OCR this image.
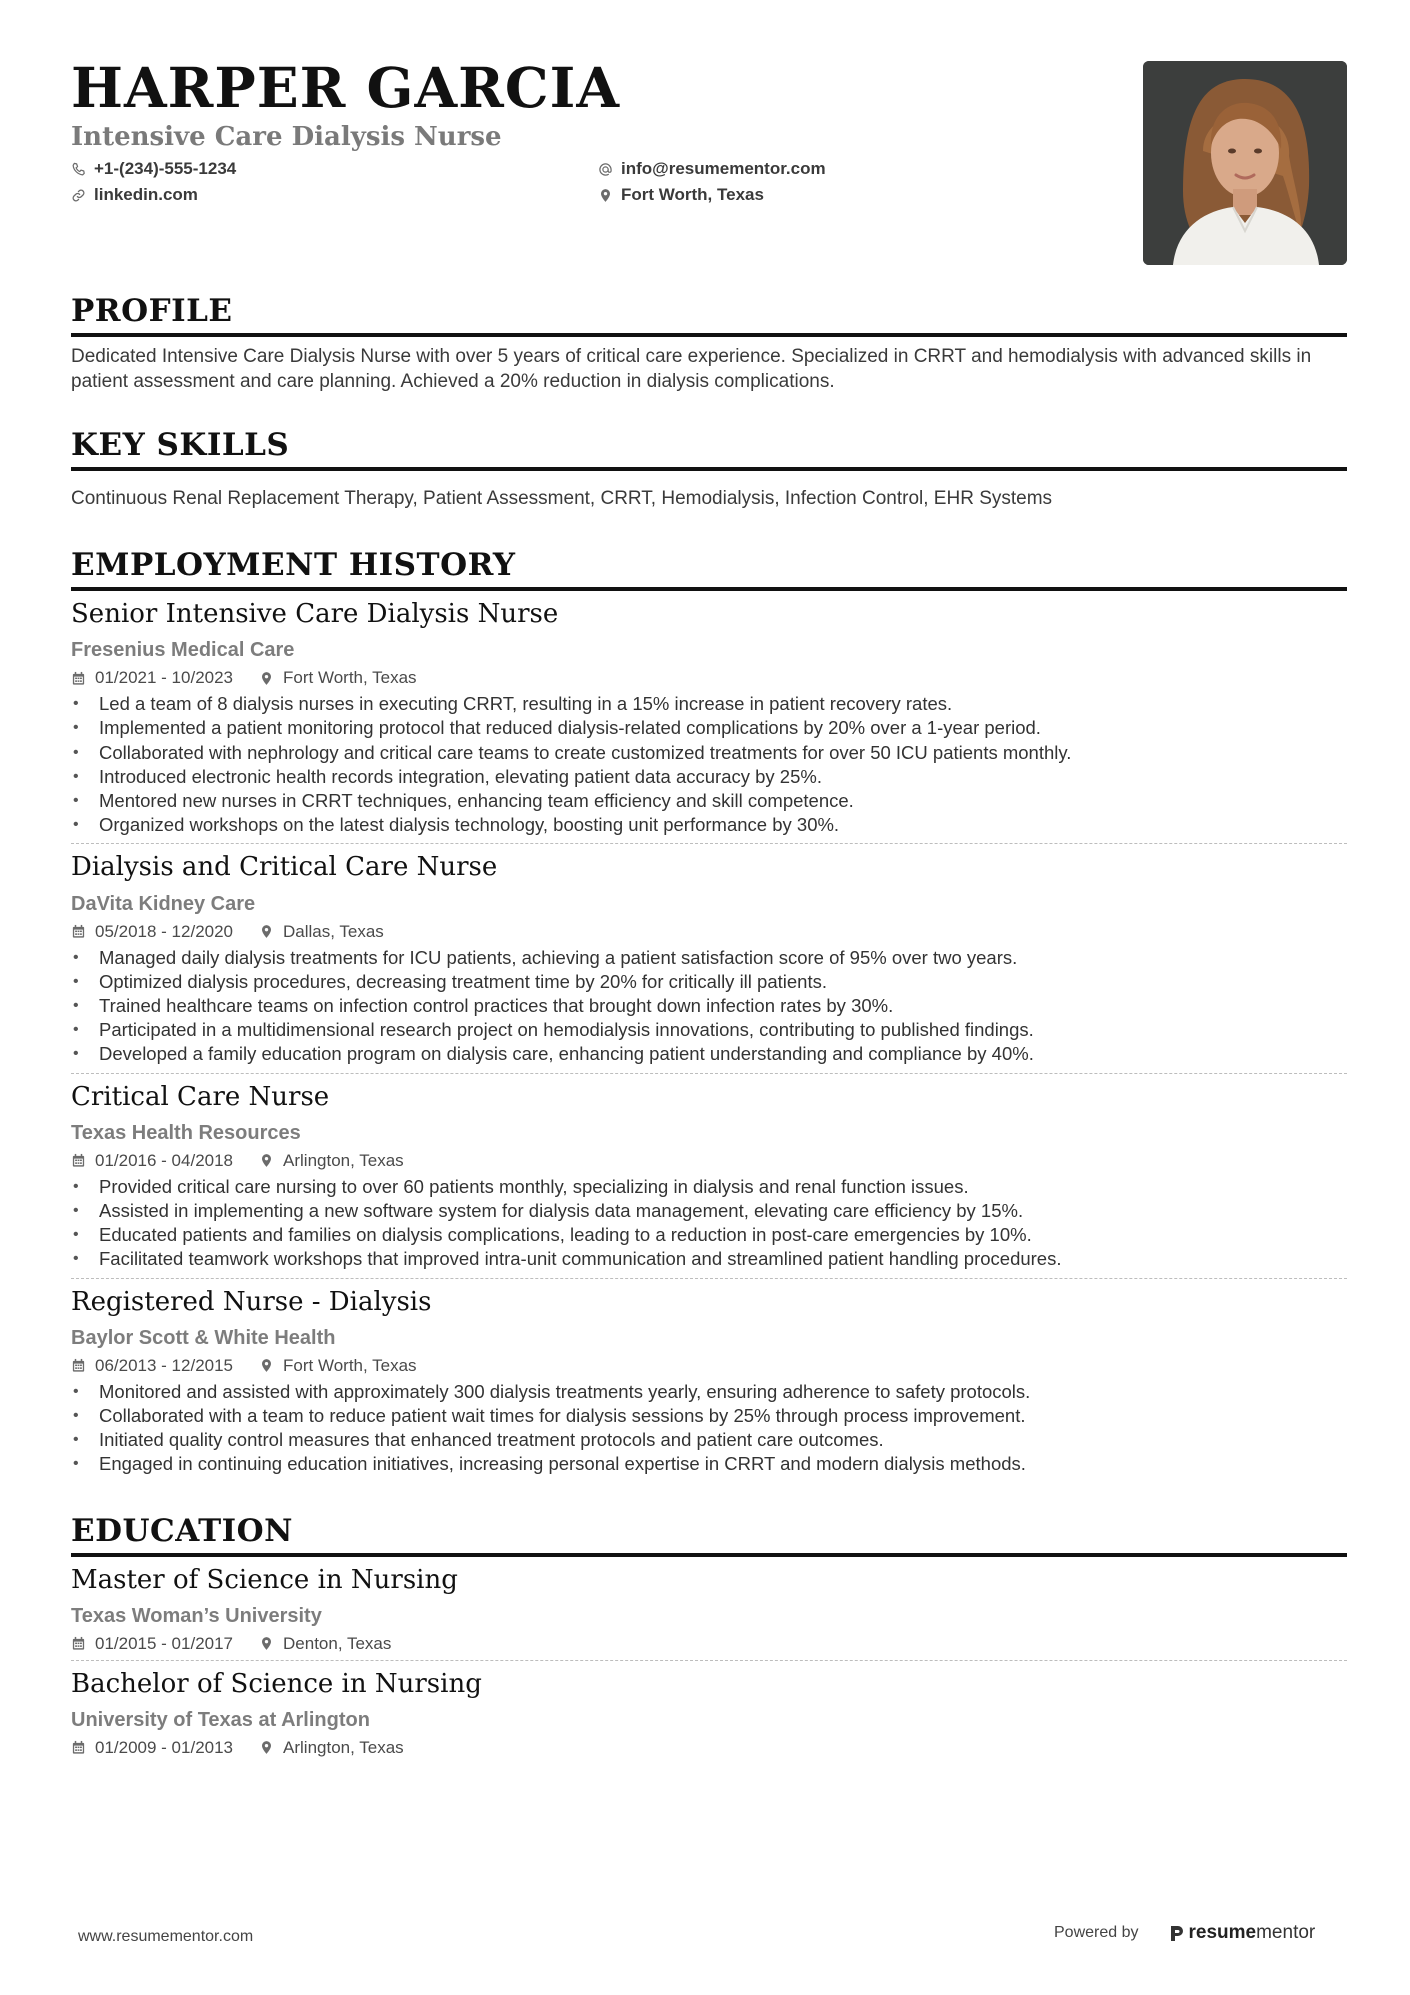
HARPER GARCIA
Intensive Care Dialysis Nurse
+1-(234)-555-1234	info@resumementor.com
linkedin.com	Fort Worth, Texas
PROFILE

Dedicated Intensive Care Dialysis Nurse with over 5 years of critical care experience. Specialized in CRRT and hemodialysis with advanced skills in patient assessment and care planning. Achieved a 20% reduction in dialysis complications.

KEY SKILLS

Continuous Renal Replacement Therapy, Patient Assessment, CRRT, Hemodialysis, Infection Control, EHR Systems

EMPLOYMENT HISTORY
Senior Intensive Care Dialysis Nurse
Fresenius Medical Care
01/2021 - 10/2023	Fort Worth, Texas
• Led a team of 8 dialysis nurses in executing CRRT, resulting in a 15% increase in patient recovery rates.
• Implemented a patient monitoring protocol that reduced dialysis-related complications by 20% over a 1-year period.
• Collaborated with nephrology and critical care teams to create customized treatments for over 50 ICU patients monthly.
• Introduced electronic health records integration, elevating patient data accuracy by 25%.
• Mentored new nurses in CRRT techniques, enhancing team efficiency and skill competence.
• Organized workshops on the latest dialysis technology, boosting unit performance by 30%.
Dialysis and Critical Care Nurse
DaVita Kidney Care
05/2018 - 12/2020	Dallas, Texas
• Managed daily dialysis treatments for ICU patients, achieving a patient satisfaction score of 95% over two years.
• Optimized dialysis procedures, decreasing treatment time by 20% for critically ill patients.
• Trained healthcare teams on infection control practices that brought down infection rates by 30%.
• Participated in a multidimensional research project on hemodialysis innovations, contributing to published findings.
• Developed a family education program on dialysis care, enhancing patient understanding and compliance by 40%.
Critical Care Nurse
Texas Health Resources
01/2016 - 04/2018	Arlington, Texas
• Provided critical care nursing to over 60 patients monthly, specializing in dialysis and renal function issues.
• Assisted in implementing a new software system for dialysis data management, elevating care efficiency by 15%.
• Educated patients and families on dialysis complications, leading to a reduction in post-care emergencies by 10%.
• Facilitated teamwork workshops that improved intra-unit communication and streamlined patient handling procedures.
Registered Nurse - Dialysis
Baylor Scott & White Health
06/2013 - 12/2015	Fort Worth, Texas
• Monitored and assisted with approximately 300 dialysis treatments yearly, ensuring adherence to safety protocols.
• Collaborated with a team to reduce patient wait times for dialysis sessions by 25% through process improvement.
• Initiated quality control measures that enhanced treatment protocols and patient care outcomes.
• Engaged in continuing education initiatives, increasing personal expertise in CRRT and modern dialysis methods.
EDUCATION
Master of Science in Nursing
Texas Woman’s University
01/2015 - 01/2017	Denton, Texas
Bachelor of Science in Nursing
University of Texas at Arlington
01/2009 - 01/2013	Arlington, Texas
www.resumementor.com	Powered by	resumementor
